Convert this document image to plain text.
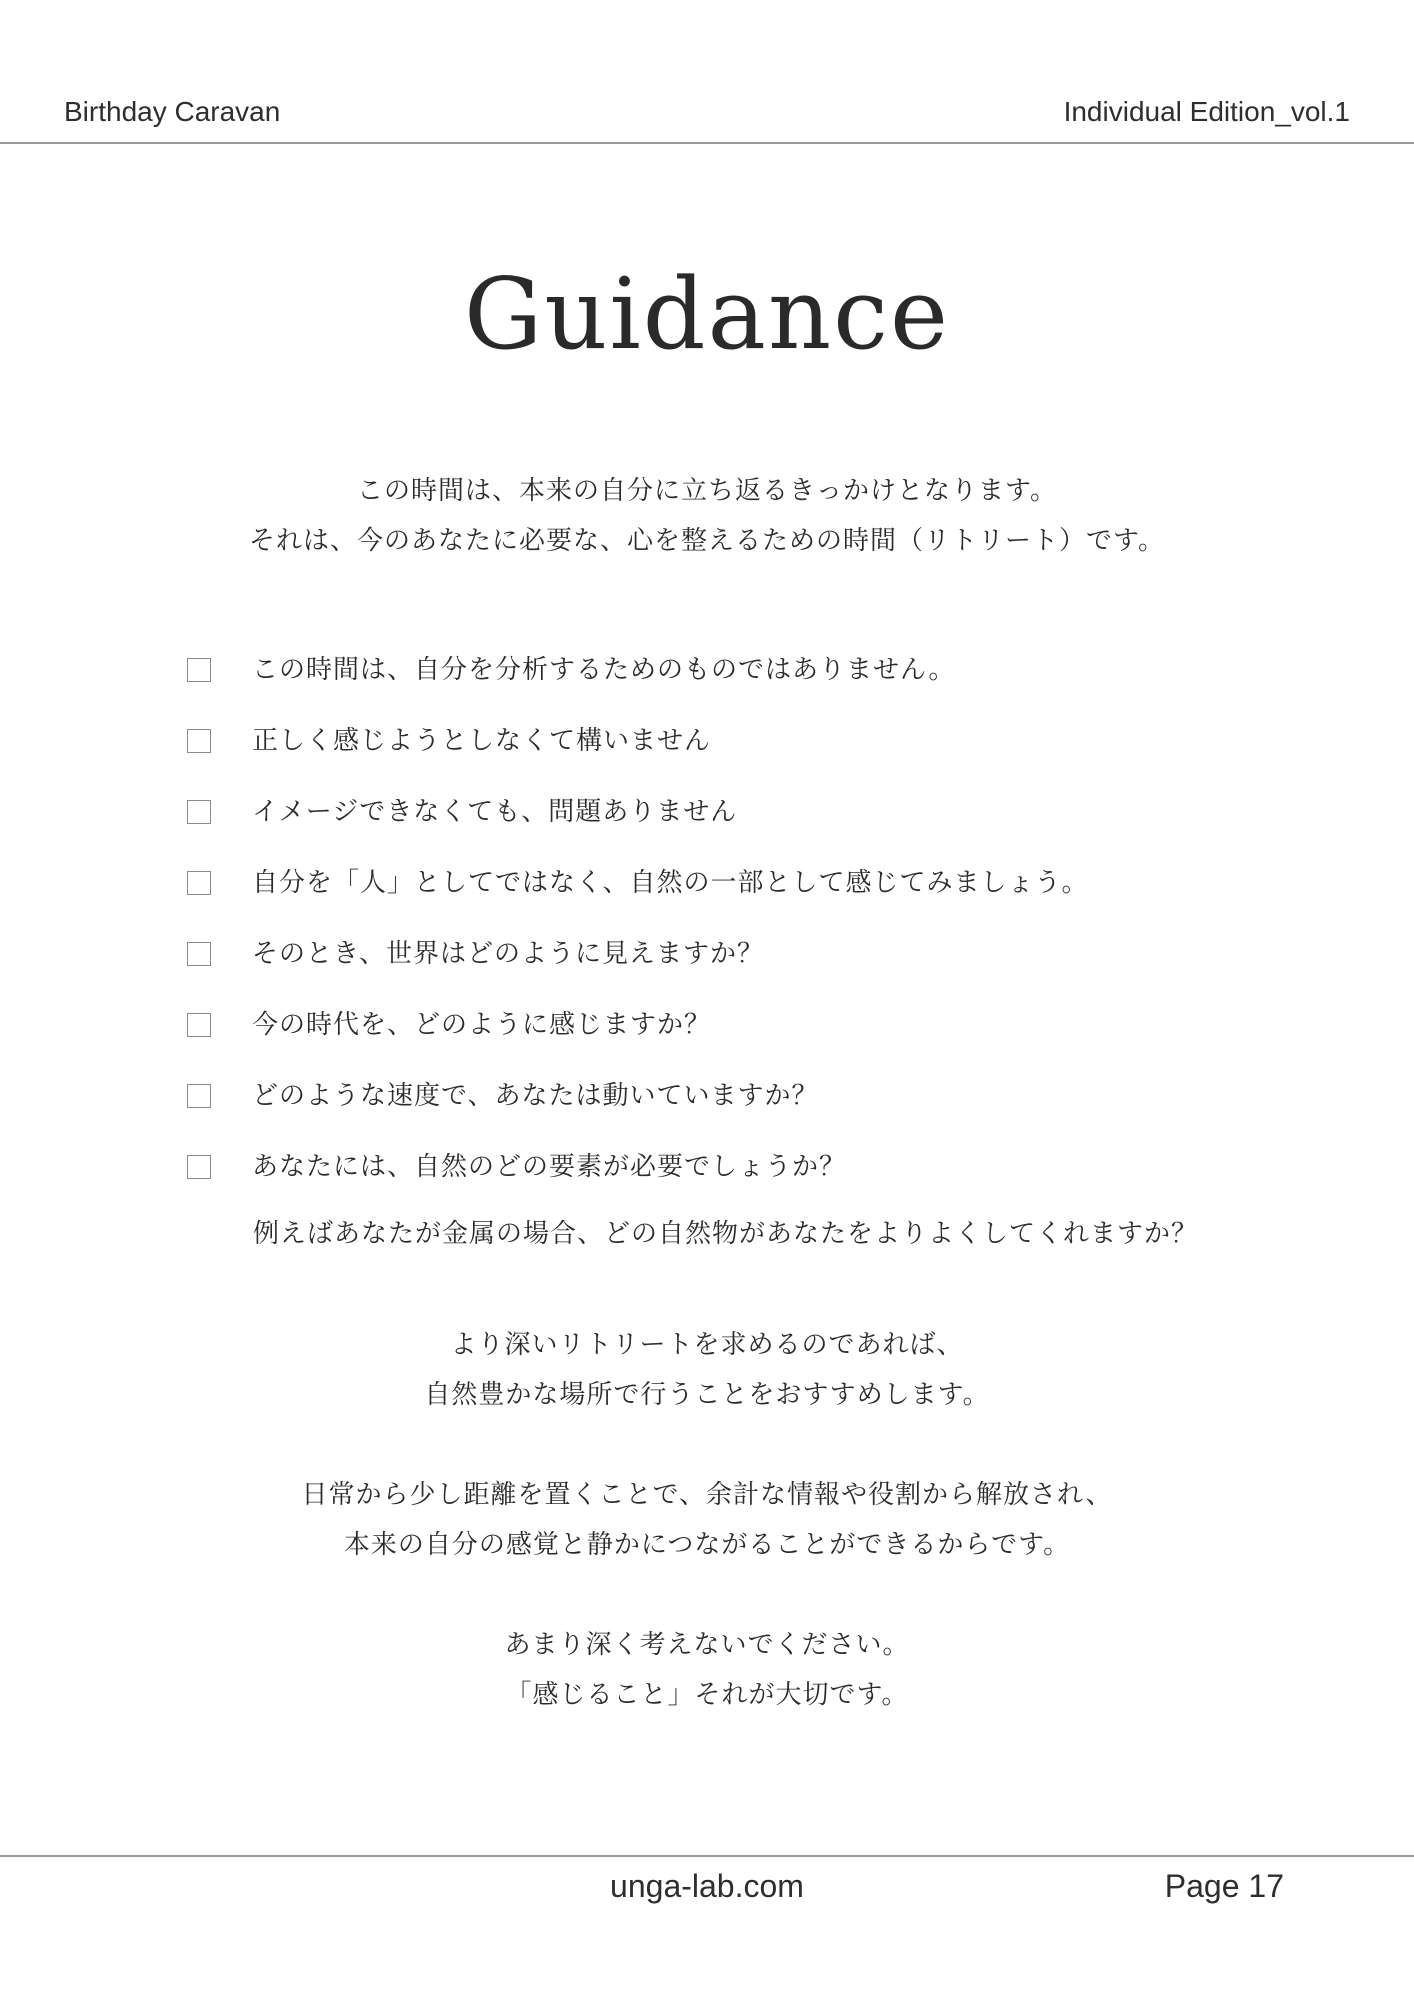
Birthday Caravan	Individual Edition_vol.1
Guidance
この時間は、本来の自分に立ち返るきっかけとなります。
それは、今のあなたに必要な、心を整えるための時間（リトリート）です。
この時間は、自分を分析するためのものではありません。
正しく感じようとしなくて構いません
イメージできなくても、問題ありません
自分を「人」としてではなく、自然の一部として感じてみましょう。
そのとき、世界はどのように見えますか？
今の時代を、どのように感じますか？
どのような速度で、あなたは動いていますか？
あなたには、自然のどの要素が必要でしょうか？
例えばあなたが金属の場合、どの自然物があなたをよりよくしてくれますか？
より深いリトリートを求めるのであれば、
自然豊かな場所で行うことをおすすめします。
日常から少し距離を置くことで、余計な情報や役割から解放され、
本来の自分の感覚と静かにつながることができるからです。
あまり深く考えないでください。
「感じること」それが大切です。
unga-lab.com	Page 17
